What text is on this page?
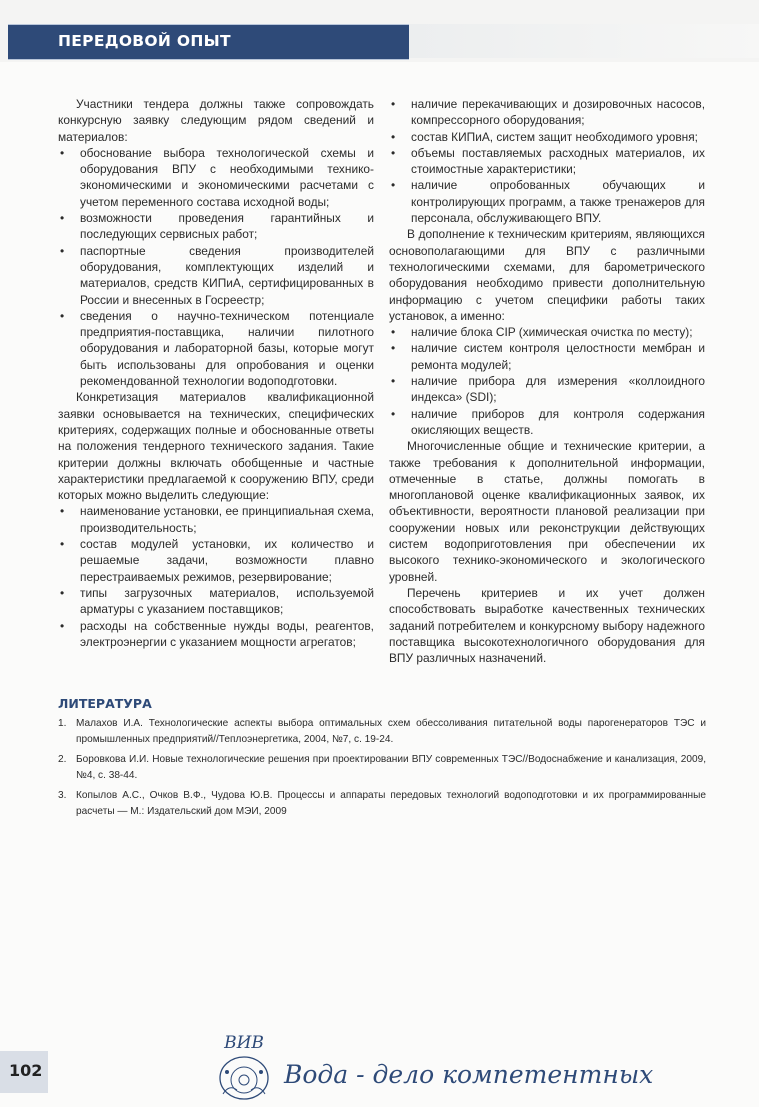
ПЕРЕДОВОЙ ОПЫТ

Участники тендера должны также сопровождать конкурсную заявку следующим рядом сведений и материалов:

• обоснование выбора технологической схемы и оборудования ВПУ с необходимыми технико-экономическими и экономическими расчетами с учетом переменного состава исходной воды;
• возможности проведения гарантийных и последующих сервисных работ;
• паспортные сведения производителей оборудования, комплектующих изделий и материалов, средств КИПиА, сертифицированных в России и внесенных в Госреестр;
• сведения о научно-техническом потенциале предприятия-поставщика, наличии пилотного оборудования и лабораторной базы, которые могут быть использованы для опробования и оценки рекомендованной технологии водоподготовки.

Конкретизация материалов квалификационной заявки основывается на технических, специфических критериях, содержащих полные и обоснованные ответы на положения тендерного технического задания. Такие критерии должны включать обобщенные и частные характеристики предлагаемой к сооружению ВПУ, среди которых можно выделить следующие:

• наименование установки, ее принципиальная схема, производительность;
• состав модулей установки, их количество и решаемые задачи, возможности плавно перестраиваемых режимов, резервирование;
• типы загрузочных материалов, используемой арматуры с указанием поставщиков;
• расходы на собственные нужды воды, реагентов, электроэнергии с указанием мощности агрегатов;
• наличие перекачивающих и дозировочных насосов, компрессорного оборудования;
• состав КИПиА, систем защит необходимого уровня;
• объемы поставляемых расходных материалов, их стоимостные характеристики;
• наличие опробованных обучающих и контролирующих программ, а также тренажеров для персонала, обслуживающего ВПУ.

В дополнение к техническим критериям, являющихся основополагающими для ВПУ с различными технологическими схемами, для барометрического оборудования необходимо привести дополнительную информацию с учетом специфики работы таких установок, а именно:

• наличие блока CIP (химическая очистка по месту);
• наличие систем контроля целостности мембран и ремонта модулей;
• наличие прибора для измерения «коллоидного индекса» (SDI);
• наличие приборов для контроля содержания окисляющих веществ.

Многочисленные общие и технические критерии, а также требования к дополнительной информации, отмеченные в статье, должны помогать в многоплановой оценке квалификационных заявок, их объективности, вероятности плановой реализации при сооружении новых или реконструкции действующих систем водоприготовления при обеспечении их высокого технико-экономического и экологического уровней.

Перечень критериев и их учет должен способствовать выработке качественных технических заданий потребителем и конкурсному выбору надежного поставщика высокотехнологичного оборудования для ВПУ различных назначений.

ЛИТЕРАТУРА
1. Малахов И.А. Технологические аспекты выбора оптимальных схем обессоливания питательной воды парогенераторов ТЭС и промышленных предприятий//Теплоэнергетика, 2004, №7, с. 19-24.
2. Боровкова И.И. Новые технологические решения при проектировании ВПУ современных ТЭС//Водоснабжение и канализация, 2009, №4, с. 38-44.
3. Копылов А.С., Очков В.Ф., Чудова Ю.В. Процессы и аппараты передовых технологий водоподготовки и их программированные расчеты — М.: Издательский дом МЭИ, 2009
102
ВИВ
Вода - дело компетентных
